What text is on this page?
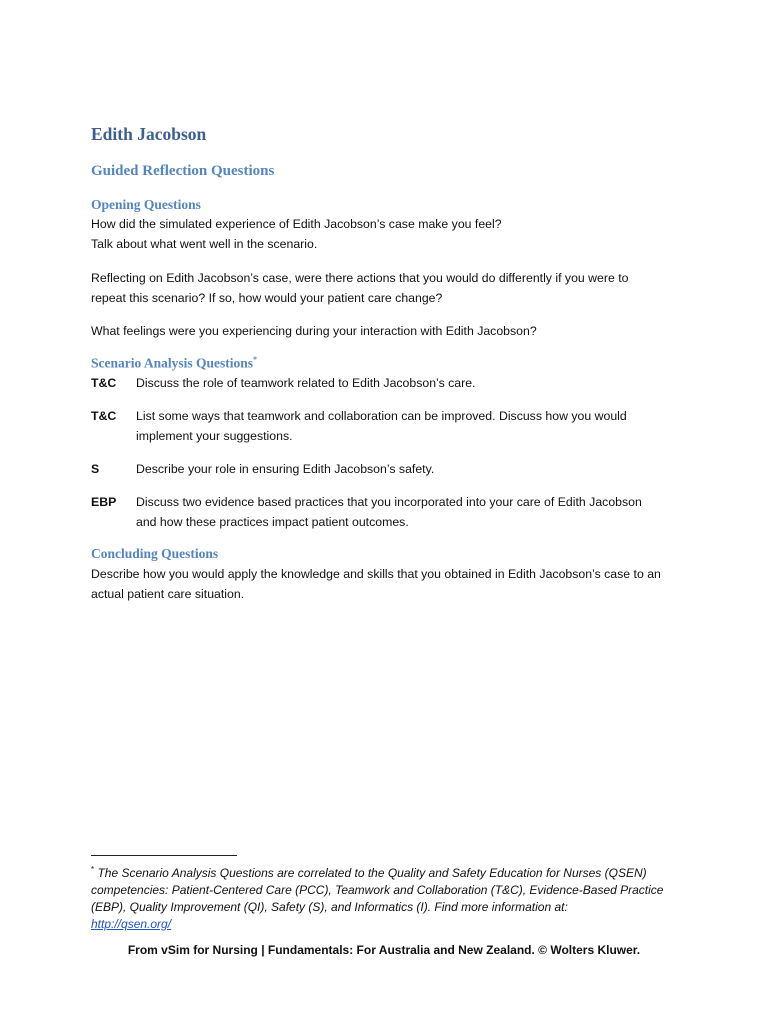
Edith Jacobson
Guided Reflection Questions
Opening Questions
How did the simulated experience of Edith Jacobson’s case make you feel?
Talk about what went well in the scenario.
Reflecting on Edith Jacobson’s case, were there actions that you would do differently if you were to
repeat this scenario? If so, how would your patient care change?
What feelings were you experiencing during your interaction with Edith Jacobson?
Scenario Analysis Questions*
T&C Discuss the role of teamwork related to Edith Jacobson’s care.
T&C List some ways that teamwork and collaboration can be improved. Discuss how you would
implement your suggestions.
S	Describe your role in ensuring Edith Jacobson’s safety.
EBP Discuss two evidence based practices that you incorporated into your care of Edith Jacobson
and how these practices impact patient outcomes.
Concluding Questions
Describe how you would apply the knowledge and skills that you obtained in Edith Jacobson’s case to an
actual patient care situation.
* The Scenario Analysis Questions are correlated to the Quality and Safety Education for Nurses (QSEN)
competencies: Patient-Centered Care (PCC), Teamwork and Collaboration (T&C), Evidence-Based Practice
(EBP), Quality Improvement (QI), Safety (S), and Informatics (I). Find more information at:
http://qsen.org/
From vSim for Nursing | Fundamentals: For Australia and New Zealand. © Wolters Kluwer.
